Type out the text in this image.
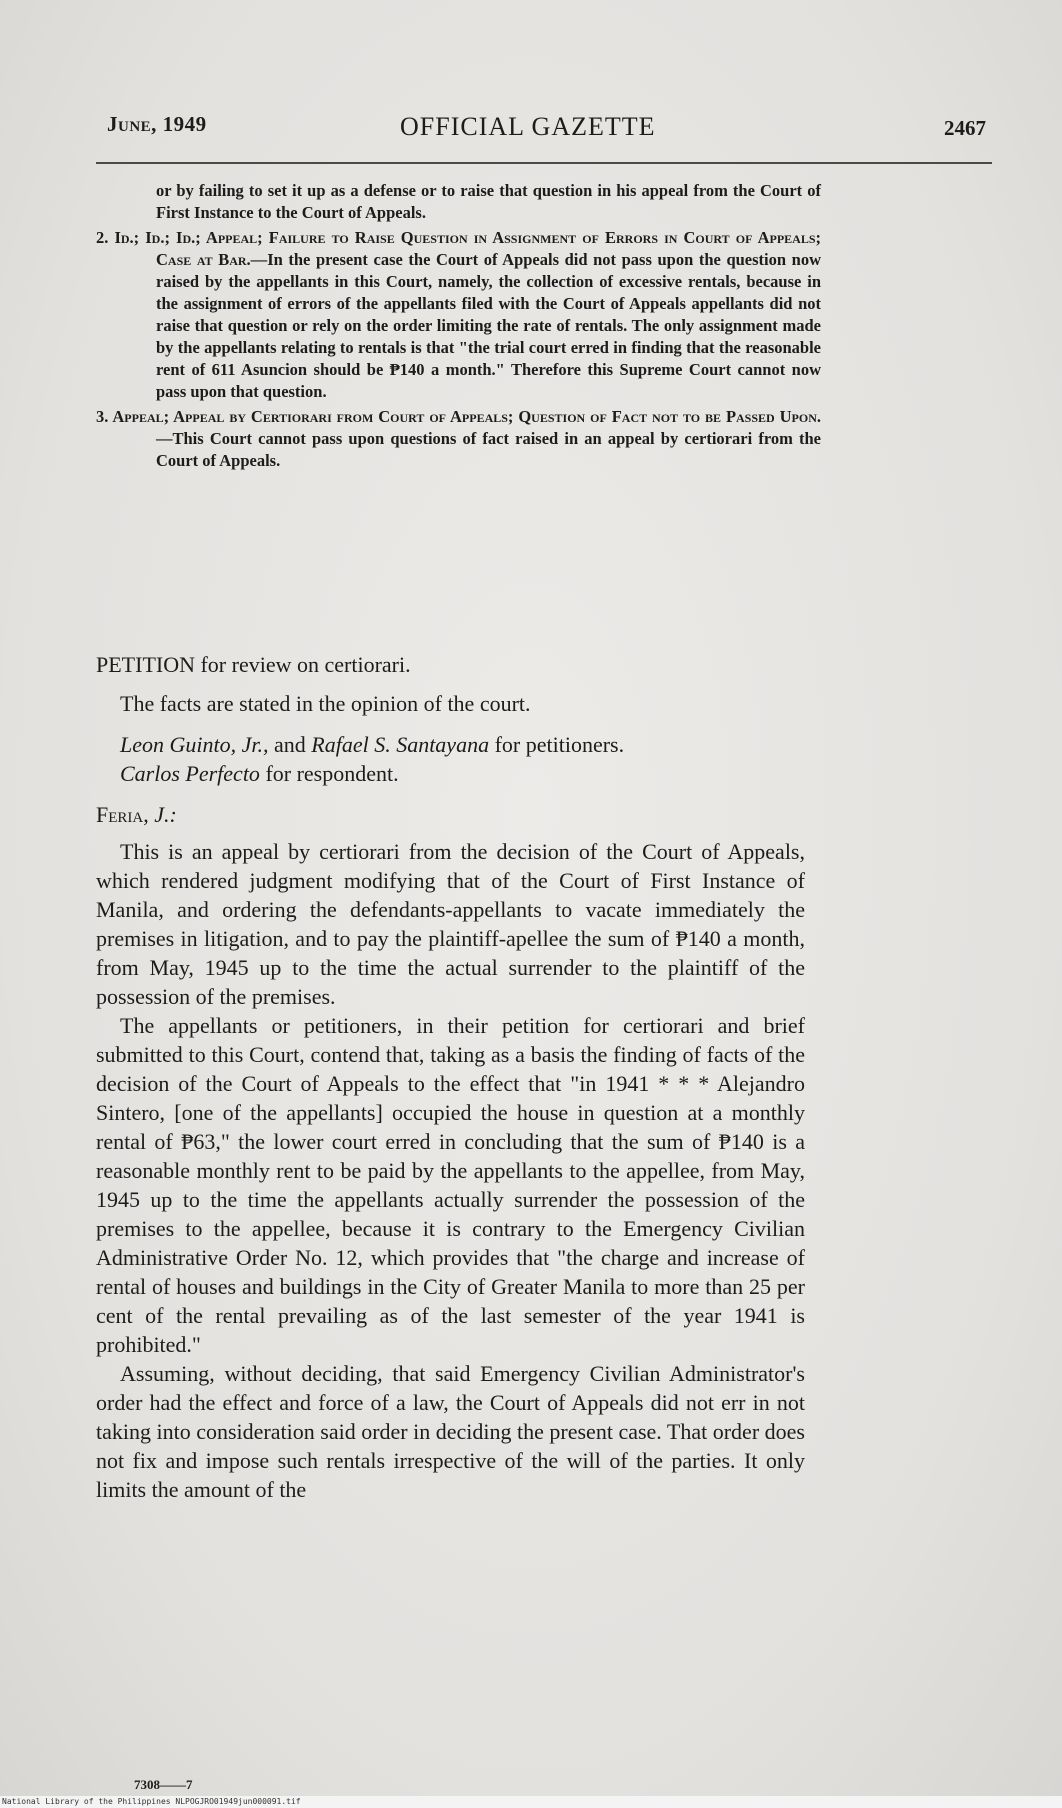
June, 1949	OFFICIAL GAZETTE	2467

or by failing to set it up as a defense or to raise that question in his appeal from the Court of First Instance to the Court of Appeals.

2. Id.; Id.; Id.; Appeal; Failure to Raise Question in Assignment of Errors in Court of Appeals; Case at Bar.—In the present case the Court of Appeals did not pass upon the question now raised by the appellants in this Court, namely, the collection of excessive rentals, because in the assignment of errors of the appellants filed with the Court of Appeals appellants did not raise that question or rely on the order limiting the rate of rentals. The only assignment made by the appellants relating to rentals is that "the trial court erred in finding that the reasonable rent of 611 Asuncion should be ₱140 a month." Therefore this Supreme Court cannot now pass upon that question.

3. Appeal; Appeal by Certiorari from Court of Appeals; Question of Fact not to be Passed Upon.—This Court cannot pass upon questions of fact raised in an appeal by certiorari from the Court of Appeals.

PETITION for review on certiorari.

The facts are stated in the opinion of the court.

Leon Guinto, Jr., and Rafael S. Santayana for petitioners.

Carlos Perfecto for respondent.

Feria, J.:

This is an appeal by certiorari from the decision of the Court of Appeals, which rendered judgment modifying that of the Court of First Instance of Manila, and ordering the defendants-appellants to vacate immediately the premises in litigation, and to pay the plaintiff-apellee the sum of ₱140 a month, from May, 1945 up to the time the actual surrender to the plaintiff of the possession of the premises.

The appellants or petitioners, in their petition for certiorari and brief submitted to this Court, contend that, taking as a basis the finding of facts of the decision of the Court of Appeals to the effect that "in 1941 * * * Alejandro Sintero, [one of the appellants] occupied the house in question at a monthly rental of ₱63," the lower court erred in concluding that the sum of ₱140 is a reasonable monthly rent to be paid by the appellants to the appellee, from May, 1945 up to the time the appellants actually surrender the possession of the premises to the appellee, because it is contrary to the Emergency Civilian Administrative Order No. 12, which provides that "the charge and increase of rental of houses and buildings in the City of Greater Manila to more than 25 per cent of the rental prevailing as of the last semester of the year 1941 is prohibited."

Assuming, without deciding, that said Emergency Civilian Administrator's order had the effect and force of a law, the Court of Appeals did not err in not taking into consideration said order in deciding the present case. That order does not fix and impose such rentals irrespective of the will of the parties. It only limits the amount of the

7308——7
National Library of the Philippines NLPOGJRO01949jun000091.tif
